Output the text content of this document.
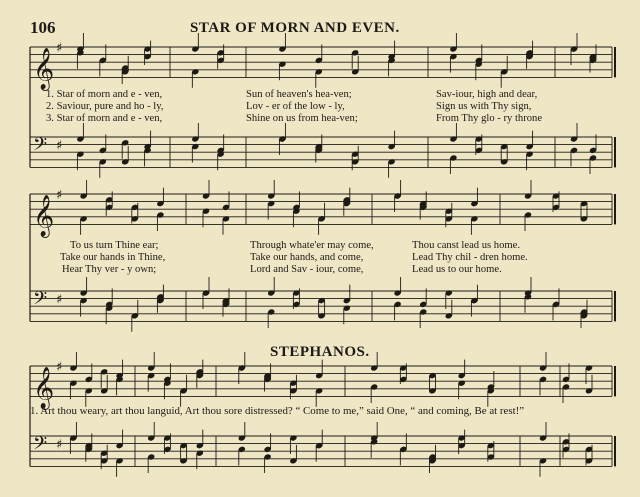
106	STAR OF MORN AND EVEN.
1. Star of morn and e - ven,	Sun of heaven's hea-ven;	Sav-iour, high and dear,
2. Saviour, pure and ho - ly,	Lov - er of the low - ly,	Sign us with Thy sign,
3. Star of morn and e - ven,	Shine on us from hea-ven;	From Thy glo - ry throne
To us turn Thine ear;	Through whate'er may come,	Thou canst lead us home.
Take our hands in Thine,	Take our hands, and come,	Lead Thy chil - dren home.
Hear Thy ver - y own;	Lord and Sav - iour, come,	Lead us to our home.
STEPHANOS.
1. Art thou weary, art thou languid, Art thou sore distressed? “ Come to me,” said One, “ and coming, Be at rest!”
𝄞
𝄢
♯
♯
𝄞
𝄢
♯
♯
𝄞
𝄢
♯
♯
